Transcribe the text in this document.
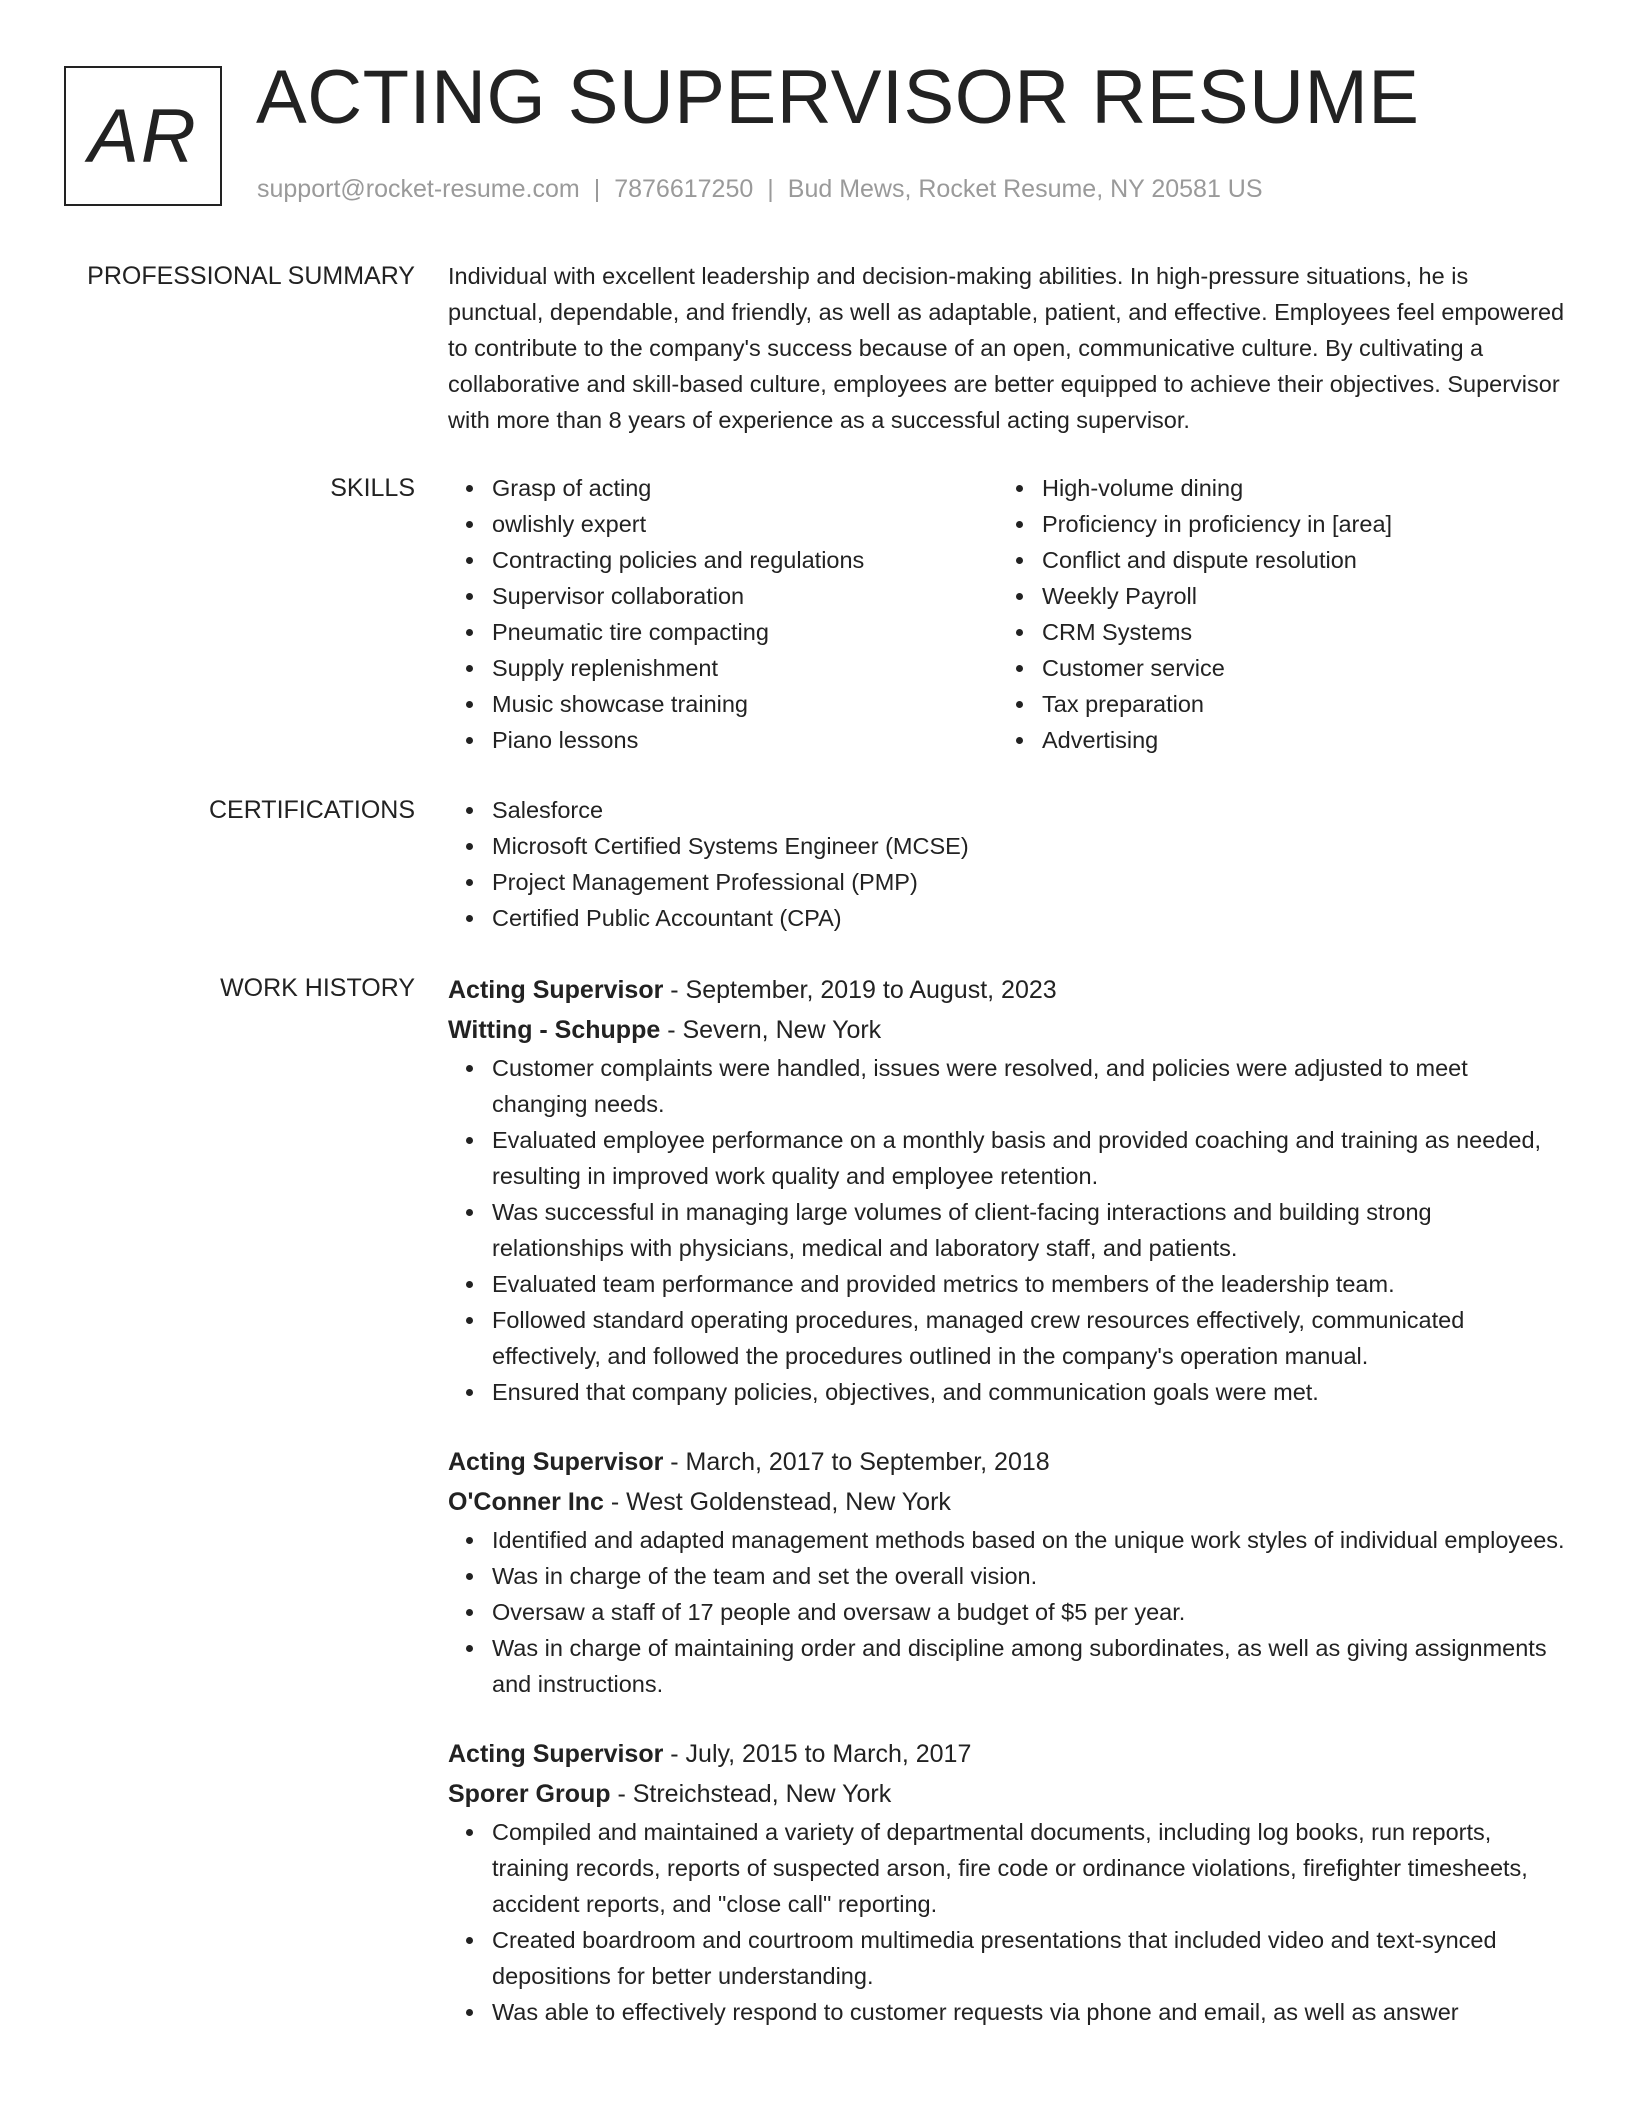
AR ACTING SUPERVISOR RESUME
support@rocket-resume.com | 7876617250 | Bud Mews, Rocket Resume, NY 20581 US
PROFESSIONAL SUMMARY Individual with excellent leadership and decision-making abilities. In high-pressure situations, he is punctual, dependable, and friendly, as well as adaptable, patient, and effective. Employees feel empowered to contribute to the company's success because of an open, communicative culture. By cultivating a collaborative and skill-based culture, employees are better equipped to achieve their objectives. Supervisor with more than 8 years of experience as a successful acting supervisor.

SKILLS	Grasp of acting
owlishly expert
Contracting policies and regulations
Supervisor collaboration
Pneumatic tire compacting
Supply replenishment
Music showcase training
Piano lessons
High-volume dining
Proficiency in proficiency in [area]
Conflict and dispute resolution
Weekly Payroll
CRM Systems
Customer service
Tax preparation
Advertising
CERTIFICATIONS	Salesforce
Microsoft Certified Systems Engineer (MCSE)
Project Management Professional (PMP)
Certified Public Accountant (CPA)
WORK HISTORY Acting Supervisor - September, 2019 to August, 2023
Witting - Schuppe - Severn, New York
Customer complaints were handled, issues were resolved, and policies were adjusted to meet changing needs.
Evaluated employee performance on a monthly basis and provided coaching and training as needed, resulting in improved work quality and employee retention.
Was successful in managing large volumes of client-facing interactions and building strong relationships with physicians, medical and laboratory staff, and patients.
Evaluated team performance and provided metrics to members of the leadership team.
Followed standard operating procedures, managed crew resources effectively, communicated effectively, and followed the procedures outlined in the company's operation manual.
Ensured that company policies, objectives, and communication goals were met.
Acting Supervisor - March, 2017 to September, 2018
O'Conner Inc - West Goldenstead, New York
Identified and adapted management methods based on the unique work styles of individual employees.
Was in charge of the team and set the overall vision.
Oversaw a staff of 17 people and oversaw a budget of $5 per year.
Was in charge of maintaining order and discipline among subordinates, as well as giving assignments and instructions.
Acting Supervisor - July, 2015 to March, 2017
Sporer Group - Streichstead, New York
Compiled and maintained a variety of departmental documents, including log books, run reports, training records, reports of suspected arson, fire code or ordinance violations, firefighter timesheets, accident reports, and "close call" reporting.
Created boardroom and courtroom multimedia presentations that included video and text-synced depositions for better understanding.
Was able to effectively respond to customer requests via phone and email, as well as answer
